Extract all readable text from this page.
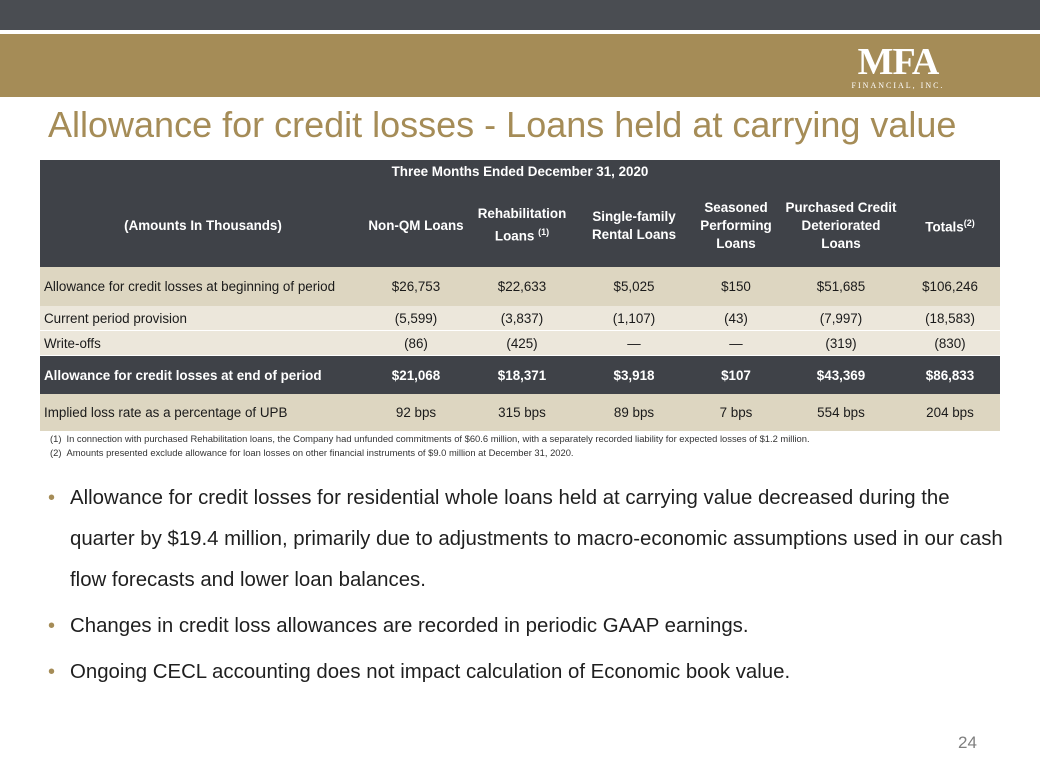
MFA
FINANCIAL, INC.
Allowance for credit losses - Loans held at carrying value
Three Months Ended December 31, 2020						
(Amounts In Thousands)	Non-QM Loans	Rehabilitation Loans $^{(1)}$	Single-family Rental Loans	Seasoned Performing Loans	Purchased Credit Deteriorated Loans	Totals$^{(2)}$
Allowance for credit losses at beginning of period	$26,753	$22,633	$5,025	$150	$51,685	$106,246
Current period provision	(5,599)	(3,837)	(1,107)	(43)	(7,997)	(18,583)
Write-offs	(86)	(425)	—	—	(319)	(830)
Allowance for credit losses at end of period	$21,068	$18,371	$3,918	$107	$43,369	$86,833
Implied loss rate as a percentage of UPB	92 bps	315 bps	89 bps	7 bps	554 bps	204 bps
(1) In connection with purchased Rehabilitation loans, the Company had unfunded commitments of $60.6 million, with a separately recorded liability for expected losses of $1.2 million.
(2) Amounts presented exclude allowance for loan losses on other financial instruments of $9.0 million at December 31, 2020.
• Allowance for credit losses for residential whole loans held at carrying value decreased during the quarter by $19.4 million, primarily due to adjustments to macro-economic assumptions used in our cash flow forecasts and lower loan balances.
• Changes in credit loss allowances are recorded in periodic GAAP earnings.
• Ongoing CECL accounting does not impact calculation of Economic book value.
24
